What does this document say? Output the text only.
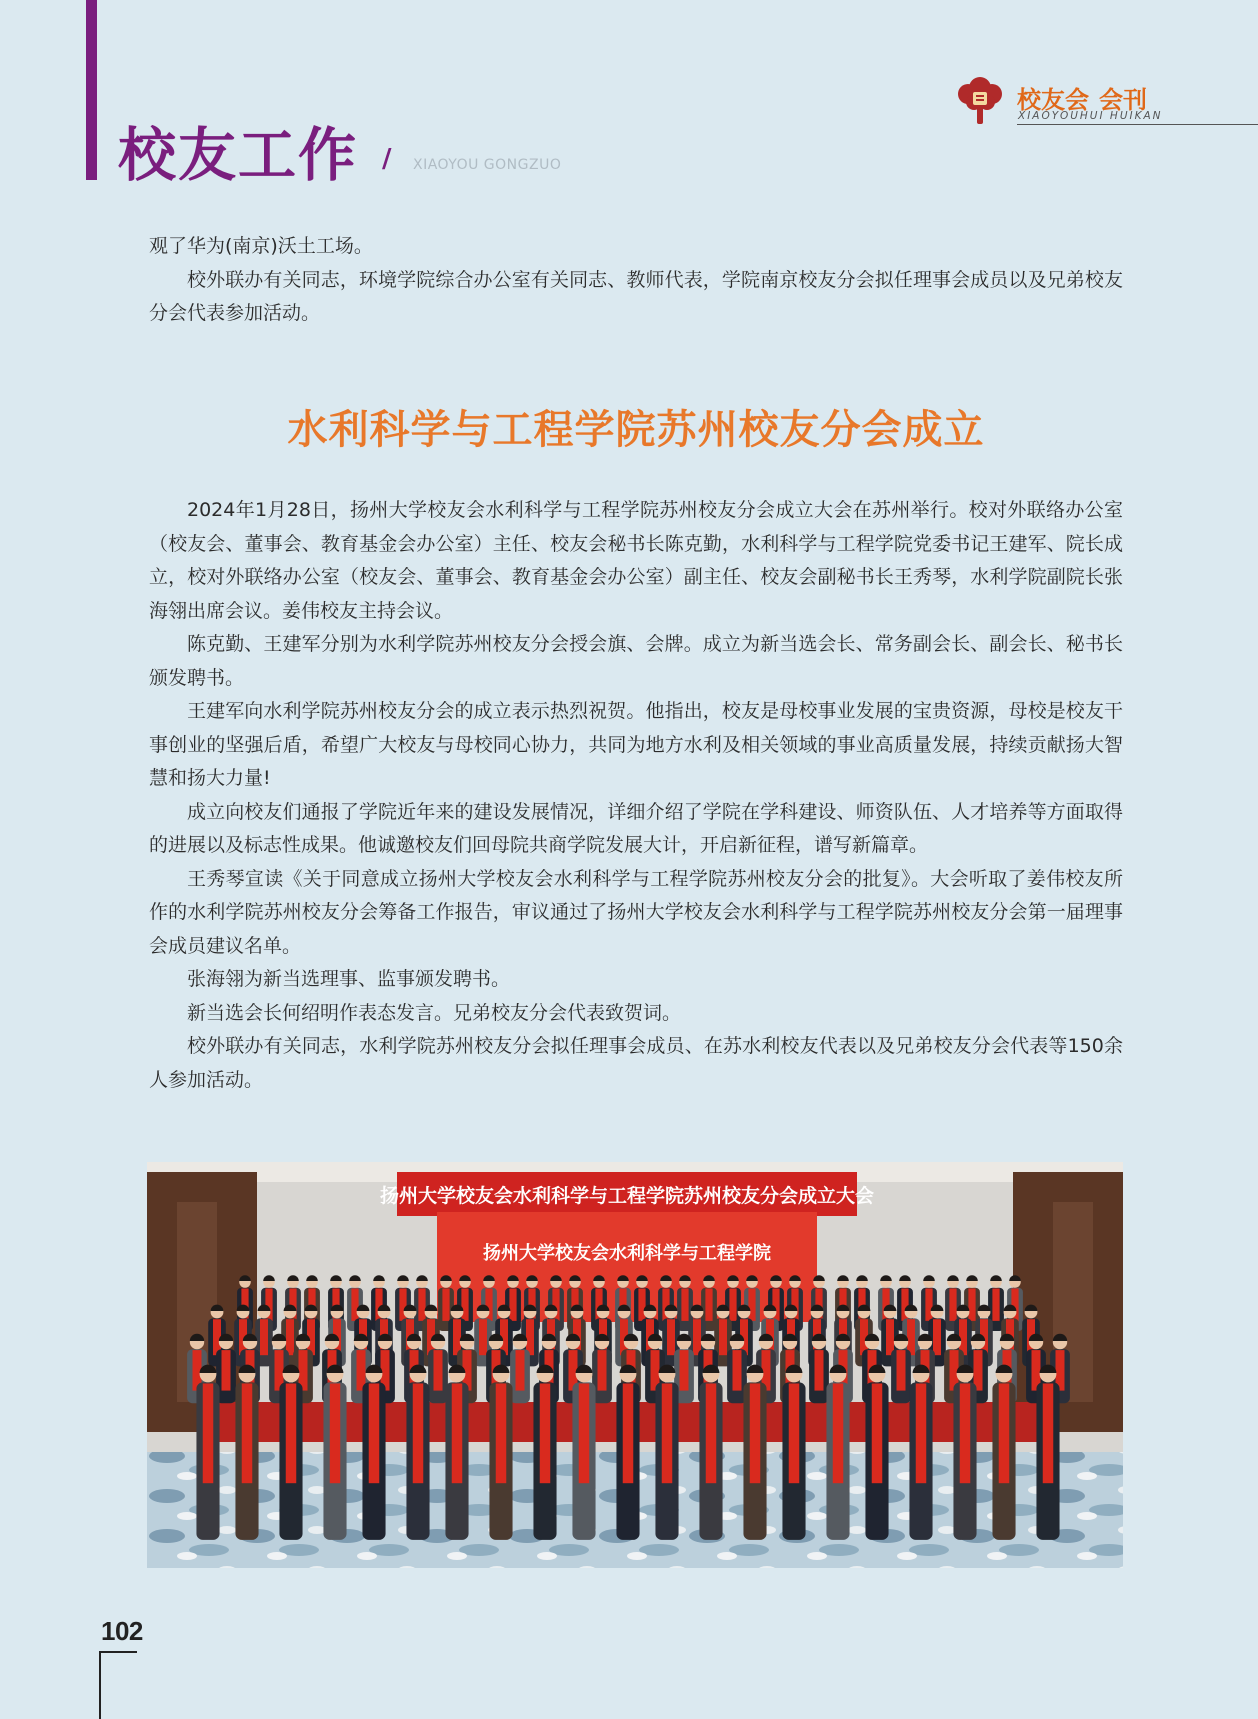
校友工作 / XIAOYOU GONGZUO
校友会 会刊
XIAOYOUHUI HUIKAN

观了华为(南京)沃土工场。

校外联办有关同志，环境学院综合办公室有关同志、教师代表，学院南京校友分会拟任理事会成员以及兄弟校友分会代表参加活动。

水利科学与工程学院苏州校友分会成立

2024年1月28日，扬州大学校友会水利科学与工程学院苏州校友分会成立大会在苏州举行。校对外联络办公室（校友会、董事会、教育基金会办公室）主任、校友会秘书长陈克勤，水利科学与工程学院党委书记王建军、院长成立，校对外联络办公室（校友会、董事会、教育基金会办公室）副主任、校友会副秘书长王秀琴，水利学院副院长张海翎出席会议。姜伟校友主持会议。

陈克勤、王建军分别为水利学院苏州校友分会授会旗、会牌。成立为新当选会长、常务副会长、副会长、秘书长颁发聘书。

王建军向水利学院苏州校友分会的成立表示热烈祝贺。他指出，校友是母校事业发展的宝贵资源，母校是校友干事创业的坚强后盾，希望广大校友与母校同心协力，共同为地方水利及相关领域的事业高质量发展，持续贡献扬大智慧和扬大力量!

成立向校友们通报了学院近年来的建设发展情况，详细介绍了学院在学科建设、师资队伍、人才培养等方面取得的进展以及标志性成果。他诚邀校友们回母院共商学院发展大计，开启新征程，谱写新篇章。

王秀琴宣读《关于同意成立扬州大学校友会水利科学与工程学院苏州校友分会的批复》。大会听取了姜伟校友所作的水利学院苏州校友分会筹备工作报告，审议通过了扬州大学校友会水利科学与工程学院苏州校友分会第一届理事会成员建议名单。

张海翎为新当选理事、监事颁发聘书。

新当选会长何绍明作表态发言。兄弟校友分会代表致贺词。

校外联办有关同志，水利学院苏州校友分会拟任理事会成员、在苏水利校友代表以及兄弟校友分会代表等150余人参加活动。

扬州大学校友会水利科学与工程学院苏州校友分会成立大会
扬州大学校友会水利科学与工程学院
102
